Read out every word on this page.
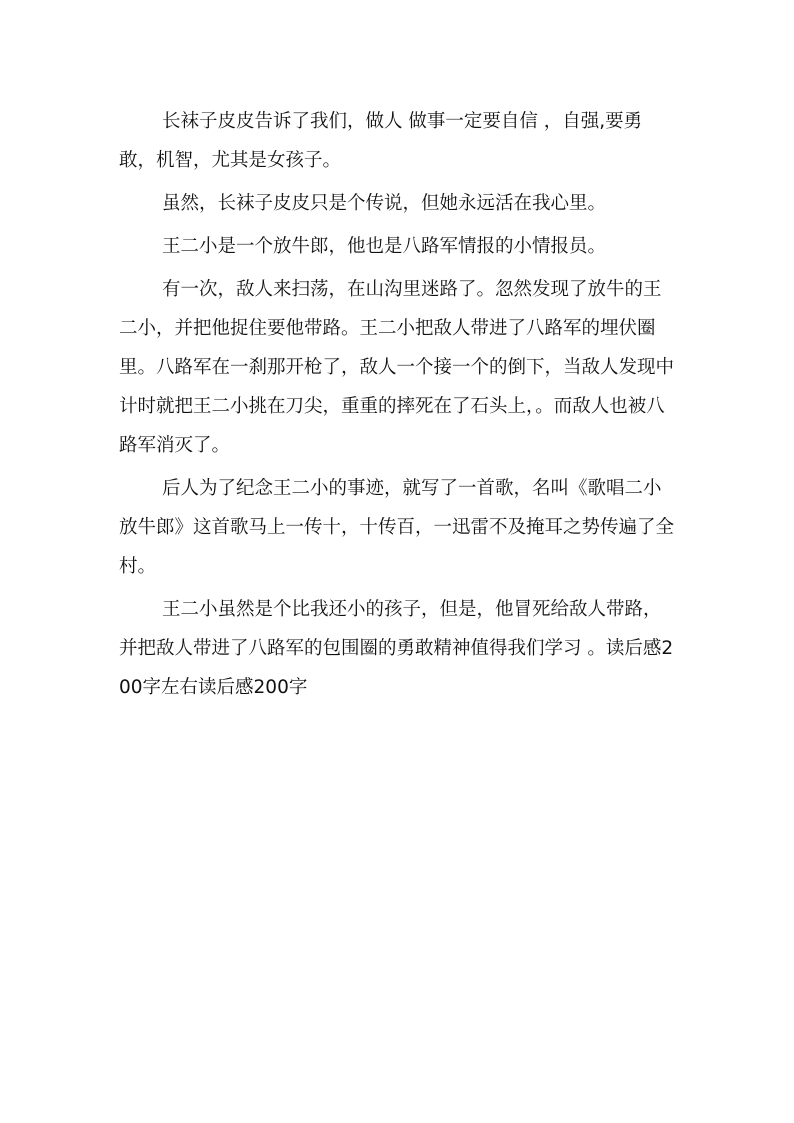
长袜子皮皮告诉了我们，做人 做事一定要自信 ，自强,要勇敢，机智，尤其是女孩子。

虽然，长袜子皮皮只是个传说，但她永远活在我心里。

王二小是一个放牛郎，他也是八路军情报的小情报员。

有一次，敌人来扫荡，在山沟里迷路了。忽然发现了放牛的王二小，并把他捉住要他带路。王二小把敌人带进了八路军的埋伏圈里。八路军在一刹那开枪了，敌人一个接一个的倒下，当敌人发现中计时就把王二小挑在刀尖，重重的摔死在了石头上，。而敌人也被八路军消灭了。

后人为了纪念王二小的事迹，就写了一首歌，名叫《歌唱二小放牛郎》这首歌马上一传十，十传百，一迅雷不及掩耳之势传遍了全村。

王二小虽然是个比我还小的孩子，但是，他冒死给敌人带路，并把敌人带进了八路军的包围圈的勇敢精神值得我们学习 。读后感200字左右读后感200字
